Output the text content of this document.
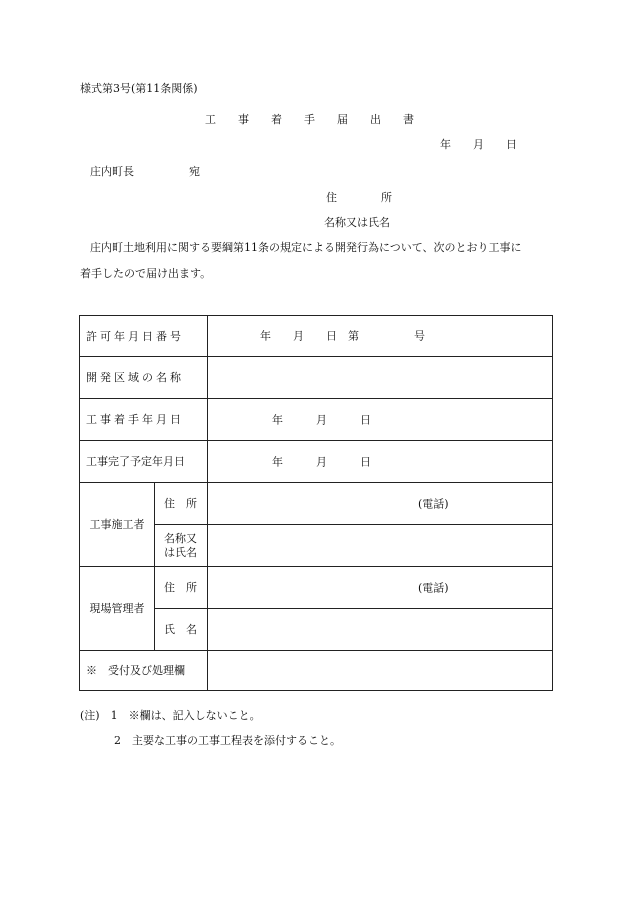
様式第3号(第11条関係)
工　　事　　着　　手　　届　　出　　書
年　　月　　日
庄内町長　　　　　宛
住　　　　所
名称又は氏名
庄内町土地利用に関する要綱第11条の規定による開発行為について、次のとおり工事に
着手したので届け出ます。
許可年月日番号		年　　月　　日　第　　　　　号

開発区域の名称		
工事着手年月日		年　　　月　　　日

工事完了予定年月日		年　　　月　　　日

工事施工者	住　所	(電話)

	名称又
は氏名	
現場管理者	住　所	(電話)

	氏　名	
※　受付及び処理欄		
(注)　1　※欄は、記入しないこと。
2　主要な工事の工事工程表を添付すること。
